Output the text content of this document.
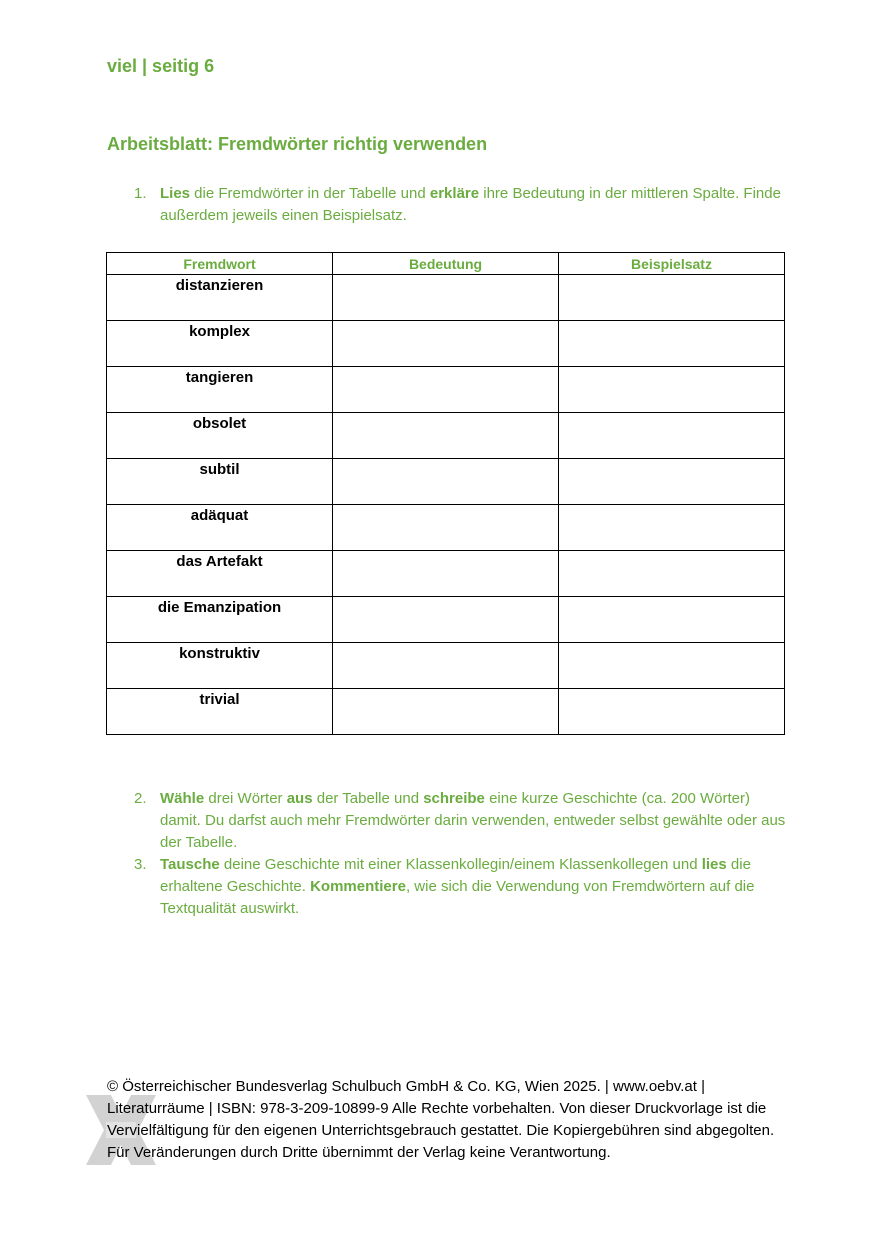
viel | seitig 6
Arbeitsblatt: Fremdwörter richtig verwenden
1. Lies die Fremdwörter in der Tabelle und erkläre ihre Bedeutung in der mittleren Spalte. Finde außerdem jeweils einen Beispielsatz.
Fremdwort	Bedeutung	Beispielsatz
distanzieren		
komplex		
tangieren		
obsolet		
subtil		
adäquat		
das Artefakt		
die Emanzipation		
konstruktiv		
trivial		
2. Wähle drei Wörter aus der Tabelle und schreibe eine kurze Geschichte (ca. 200 Wörter) damit. Du darfst auch mehr Fremdwörter darin verwenden, entweder selbst gewählte oder aus der Tabelle.
3. Tausche deine Geschichte mit einer Klassenkollegin/einem Klassenkollegen und lies die erhaltene Geschichte. Kommentiere, wie sich die Verwendung von Fremdwörtern auf die Textqualität auswirkt.
© Österreichischer Bundesverlag Schulbuch GmbH & Co. KG, Wien 2025. | www.oebv.at | Literaturräume | ISBN: 978-3-209-10899-9 Alle Rechte vorbehalten. Von dieser Druckvorlage ist die Vervielfältigung für den eigenen Unterrichtsgebrauch gestattet. Die Kopiergebühren sind abgegolten. Für Veränderungen durch Dritte übernimmt der Verlag keine Verantwortung.
